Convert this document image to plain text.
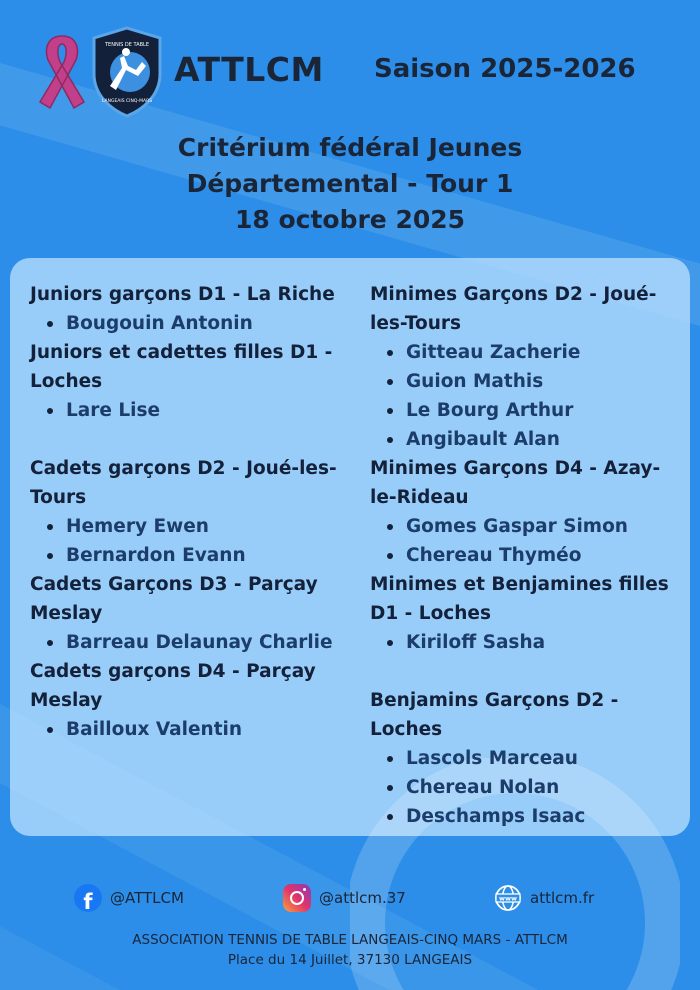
TENNIS DE TABLE
LANGEAIS CINQ-MARS
ATTLCM Saison 2025-2026
Critérium fédéral Jeunes
Départemental - Tour 1
18 octobre 2025
Juniors garçons D1 - La Riche
Bougouin Antonin
Juniors et cadettes filles D1 -
Loches
Lare Lise
Cadets garçons D2 - Joué-les-
Tours
Hemery Ewen
Bernardon Evann
Cadets Garçons D3 - Parçay
Meslay
Barreau Delaunay Charlie
Cadets garçons D4 - Parçay
Meslay
Bailloux Valentin
Minimes Garçons D2 - Joué-
les-Tours
Gitteau Zacherie
Guion Mathis
Le Bourg Arthur
Angibault Alan
Minimes Garçons D4 - Azay-
le-Rideau
Gomes Gaspar Simon
Chereau Thyméo
Minimes et Benjamines filles
D1 - Loches
Kiriloff Sasha
Benjamins Garçons D2 -
Loches
Lascols Marceau
Chereau Nolan
Deschamps Isaac
f @ATTLCM	@attlcm.37	www attlcm.fr
ASSOCIATION TENNIS DE TABLE LANGEAIS-CINQ MARS - ATTLCM
Place du 14 Juillet, 37130 LANGEAIS
